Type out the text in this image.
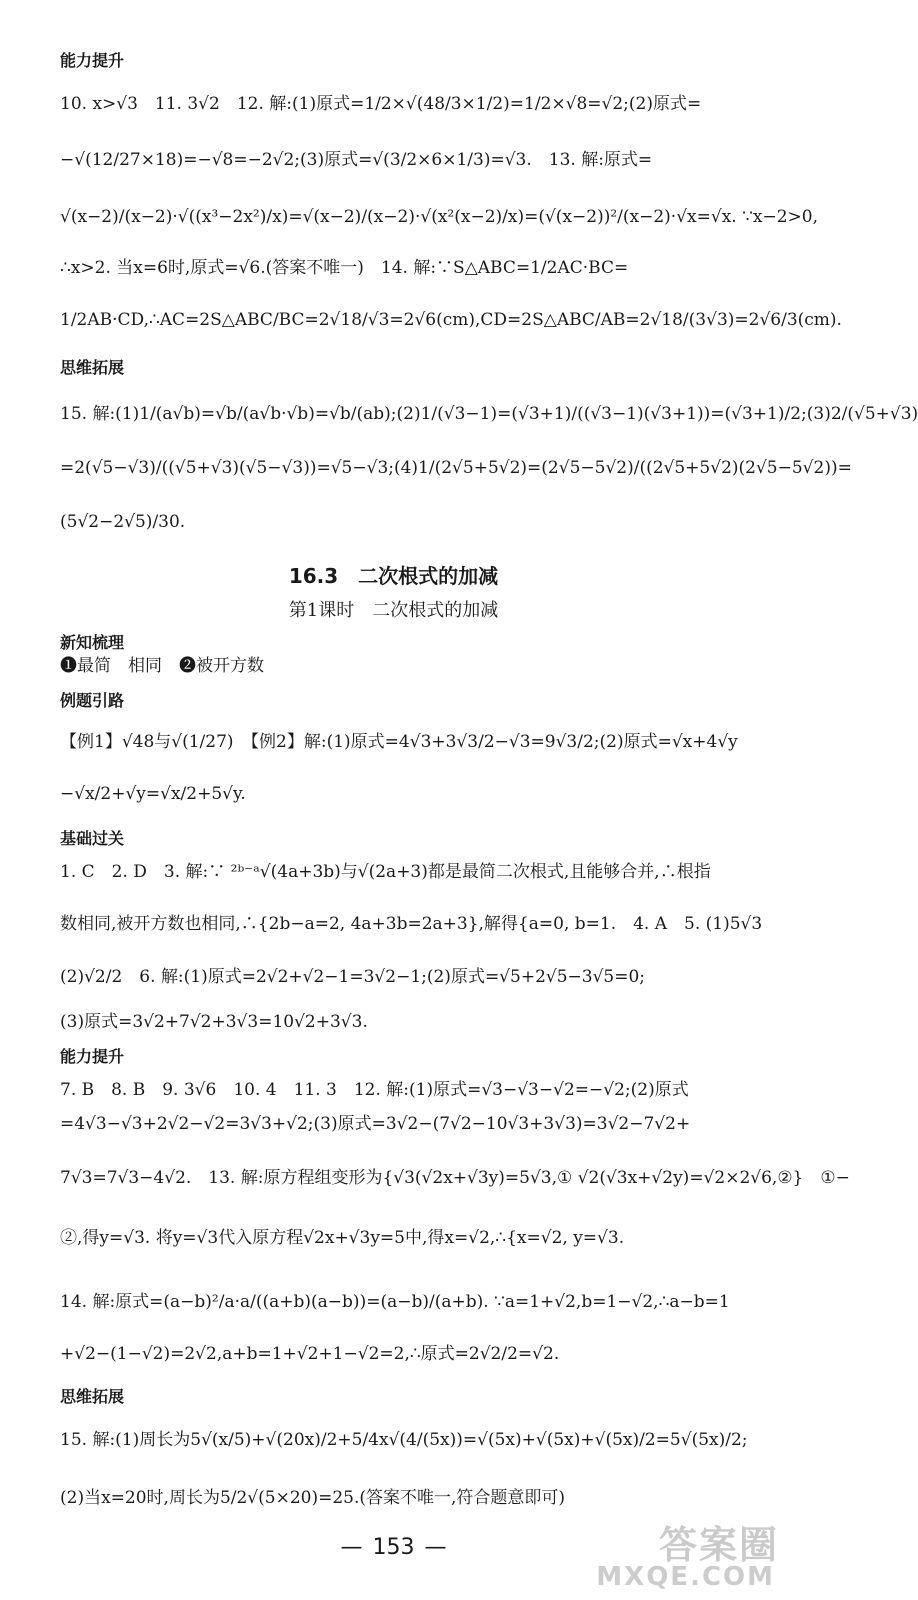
能力提升
10. x>√3　11. 3√2　12. 解:(1)原式=1/2×√(48/3×1/2)=1/2×√8=√2;(2)原式=
−√(12/27×18)=−√8=−2√2;(3)原式=√(3/2×6×1/3)=√3.　13. 解:原式=
√(x−2)/(x−2)·√((x³−2x²)/x)=√(x−2)/(x−2)·√(x²(x−2)/x)=(√(x−2))²/(x−2)·√x=√x. ∵x−2>0,
∴x>2. 当x=6时,原式=√6.(答案不唯一)　14. 解:∵S△ABC=1/2AC·BC=
1/2AB·CD,∴AC=2S△ABC/BC=2√18/√3=2√6(cm),CD=2S△ABC/AB=2√18/(3√3)=2√6/3(cm).
思维拓展
15. 解:(1)1/(a√b)=√b/(a√b·√b)=√b/(ab);(2)1/(√3−1)=(√3+1)/((√3−1)(√3+1))=(√3+1)/2;(3)2/(√5+√3)
=2(√5−√3)/((√5+√3)(√5−√3))=√5−√3;(4)1/(2√5+5√2)=(2√5−5√2)/((2√5+5√2)(2√5−5√2))=
(5√2−2√5)/30.
16.3　二次根式的加减
第1课时　二次根式的加减
新知梳理
❶最简　相同　❷被开方数
例题引路
【例1】√48与√(1/27)　【例2】解:(1)原式=4√3+3√3/2−√3=9√3/2;(2)原式=√x+4√y
−√x/2+√y=√x/2+5√y.
基础过关
1. C　2. D　3. 解:∵ ²ᵇ⁻ᵃ√(4a+3b)与√(2a+3)都是最简二次根式,且能够合并,∴根指
数相同,被开方数也相同,∴{2b−a=2, 4a+3b=2a+3},解得{a=0, b=1.　4. A　5. (1)5√3
(2)√2/2　6. 解:(1)原式=2√2+√2−1=3√2−1;(2)原式=√5+2√5−3√5=0;
(3)原式=3√2+7√2+3√3=10√2+3√3.
能力提升
7. B　8. B　9. 3√6　10. 4　11. 3　12. 解:(1)原式=√3−√3−√2=−√2;(2)原式
=4√3−√3+2√2−√2=3√3+√2;(3)原式=3√2−(7√2−10√3+3√3)=3√2−7√2+
7√3=7√3−4√2.　13. 解:原方程组变形为{√3(√2x+√3y)=5√3,① √2(√3x+√2y)=√2×2√6,②}　①−
②,得y=√3. 将y=√3代入原方程√2x+√3y=5中,得x=√2,∴{x=√2, y=√3.
14. 解:原式=(a−b)²/a·a/((a+b)(a−b))=(a−b)/(a+b). ∵a=1+√2,b=1−√2,∴a−b=1
+√2−(1−√2)=2√2,a+b=1+√2+1−√2=2,∴原式=2√2/2=√2.
思维拓展
15. 解:(1)周长为5√(x/5)+√(20x)/2+5/4x√(4/(5x))=√(5x)+√(5x)+√(5x)/2=5√(5x)/2;
(2)当x=20时,周长为5/2√(5×20)=25.(答案不唯一,符合题意即可)
— 153 —	答案圈
MXQE.COM
